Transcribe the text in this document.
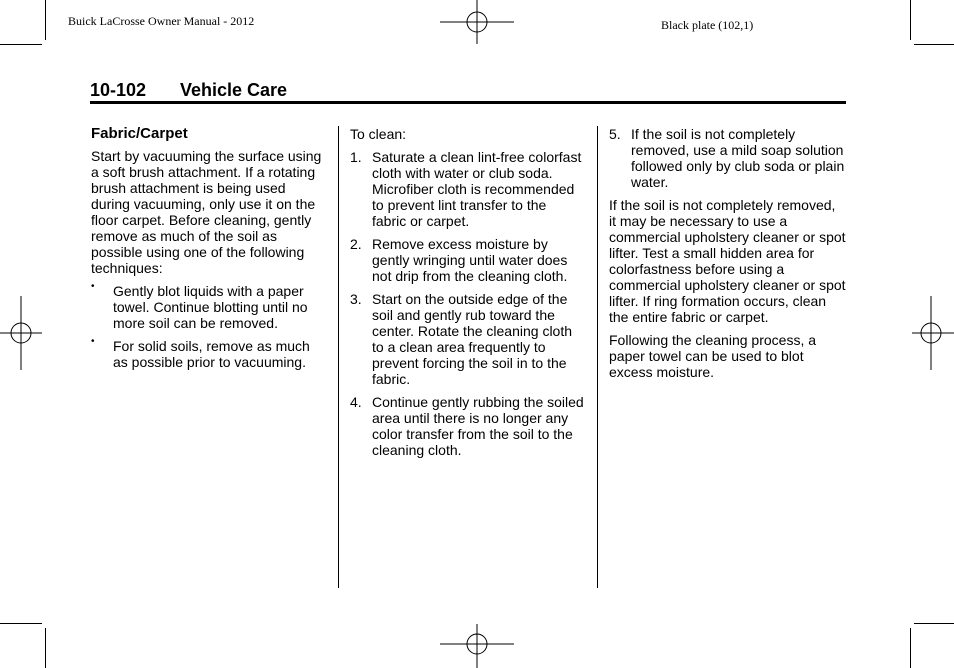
Buick LaCrosse Owner Manual - 2012	Black plate (102,1)
10-102 Vehicle Care
Fabric/Carpet

Start by vacuuming the surface using a soft brush attachment. If a rotating brush attachment is being used during vacuuming, only use it on the floor carpet. Before cleaning, gently remove as much of the soil as possible using one of the following techniques:

• Gently blot liquids with a paper towel. Continue blotting until no more soil can be removed.
• For solid soils, remove as much as possible prior to vacuuming.

To clean:

1. Saturate a clean lint-free colorfast cloth with water or club soda. Microfiber cloth is recommended to prevent lint transfer to the fabric or carpet.
2. Remove excess moisture by gently wringing until water does not drip from the cleaning cloth.
3. Start on the outside edge of the soil and gently rub toward the center. Rotate the cleaning cloth to a clean area frequently to prevent forcing the soil in to the fabric.
4. Continue gently rubbing the soiled area until there is no longer any color transfer from the soil to the cleaning cloth.
5. If the soil is not completely removed, use a mild soap solution followed only by club soda or plain water.

If the soil is not completely removed, it may be necessary to use a commercial upholstery cleaner or spot lifter. Test a small hidden area for colorfastness before using a commercial upholstery cleaner or spot lifter. If ring formation occurs, clean the entire fabric or carpet.

Following the cleaning process, a paper towel can be used to blot excess moisture.
